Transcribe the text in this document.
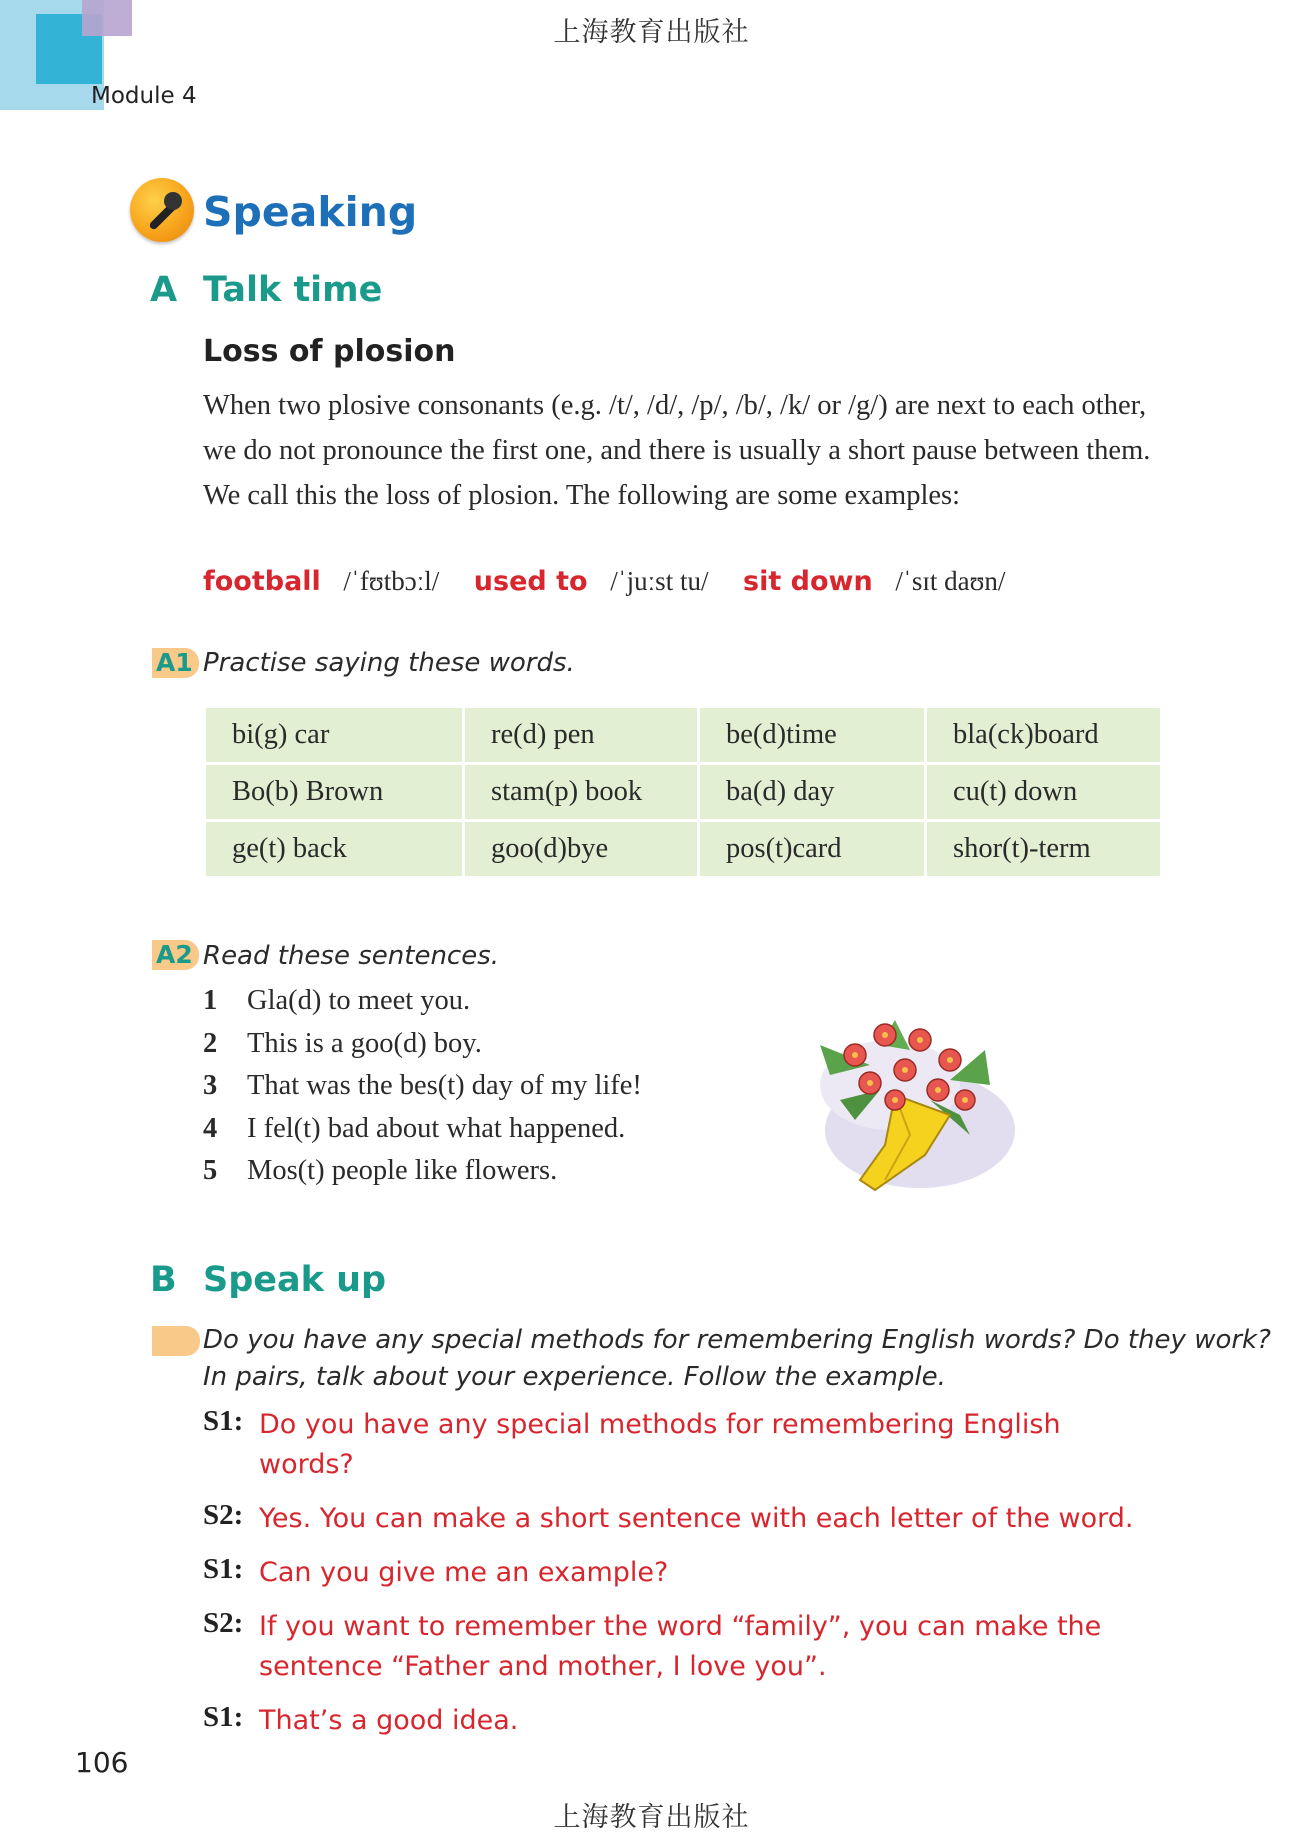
上海教育出版社
Module 4
Speaking
A Talk time
Loss of plosion
When two plosive consonants (e.g. /t/, /d/, /p/, /b/, /k/ or /g/) are next to each other, we do not pronounce the first one, and there is usually a short pause between them. We call this the loss of plosion. The following are some examples:
football /ˈfʊtbɔːl/ used to /ˈjuːst tu/ sit down /ˈsɪt daʊn/
A1 Practise saying these words.
bi(g) car	re(d) pen	be(d)time	bla(ck)board
Bo(b) Brown	stam(p) book	ba(d) day	cu(t) down
ge(t) back	goo(d)bye	pos(t)card	shor(t)-term
A2 Read these sentences.
1 Gla(d) to meet you.
2 This is a goo(d) boy.
3 That was the bes(t) day of my life!
4 I fel(t) bad about what happened.
5 Mos(t) people like flowers.
B Speak up
Do you have any special methods for remembering English words? Do they work?
In pairs, talk about your experience. Follow the example.
S1: Do you have any special methods for remembering English words?
S2: Yes. You can make a short sentence with each letter of the word.
S1: Can you give me an example?
S2: If you want to remember the word “family”, you can make the sentence “Father and mother, I love you”.
S1: That’s a good idea.
106
上海教育出版社
